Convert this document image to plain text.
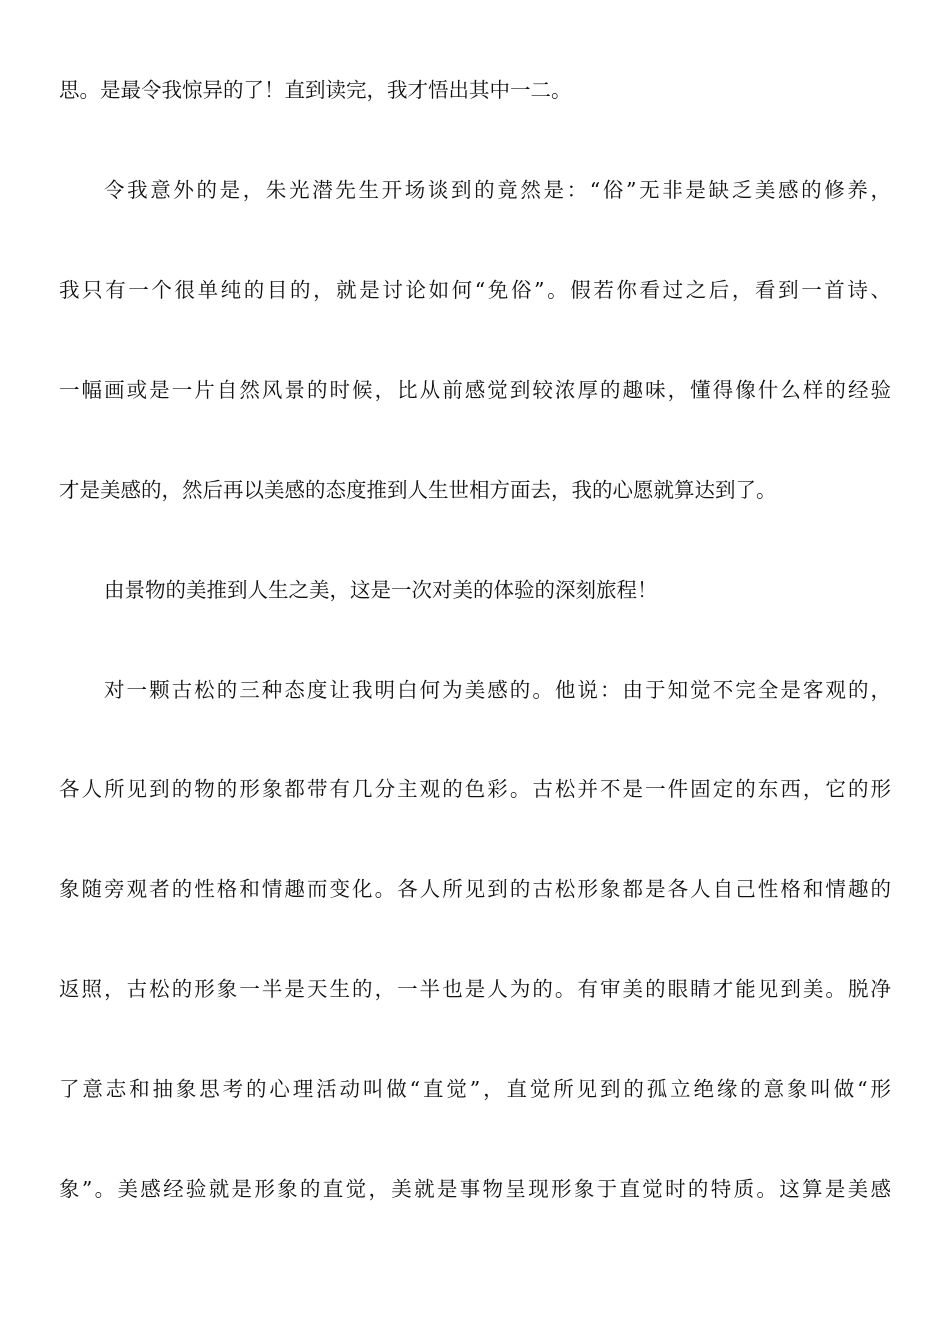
思。是最令我惊异的了！直到读完，我才悟出其中一二。
令我意外的是，朱光潜先生开场谈到的竟然是：“俗”无非是缺乏美感的修养，
我只有一个很单纯的目的，就是讨论如何“免俗”。假若你看过之后，看到一首诗、
一幅画或是一片自然风景的时候，比从前感觉到较浓厚的趣味，懂得像什么样的经验
才是美感的，然后再以美感的态度推到人生世相方面去，我的心愿就算达到了。
由景物的美推到人生之美，这是一次对美的体验的深刻旅程！
对一颗古松的三种态度让我明白何为美感的。他说：由于知觉不完全是客观的，
各人所见到的物的形象都带有几分主观的色彩。古松并不是一件固定的东西，它的形
象随旁观者的性格和情趣而变化。各人所见到的古松形象都是各人自己性格和情趣的
返照，古松的形象一半是天生的，一半也是人为的。有审美的眼睛才能见到美。脱净
了意志和抽象思考的心理活动叫做“直觉”，直觉所见到的孤立绝缘的意象叫做“形
象”。美感经验就是形象的直觉，美就是事物呈现形象于直觉时的特质。这算是美感
